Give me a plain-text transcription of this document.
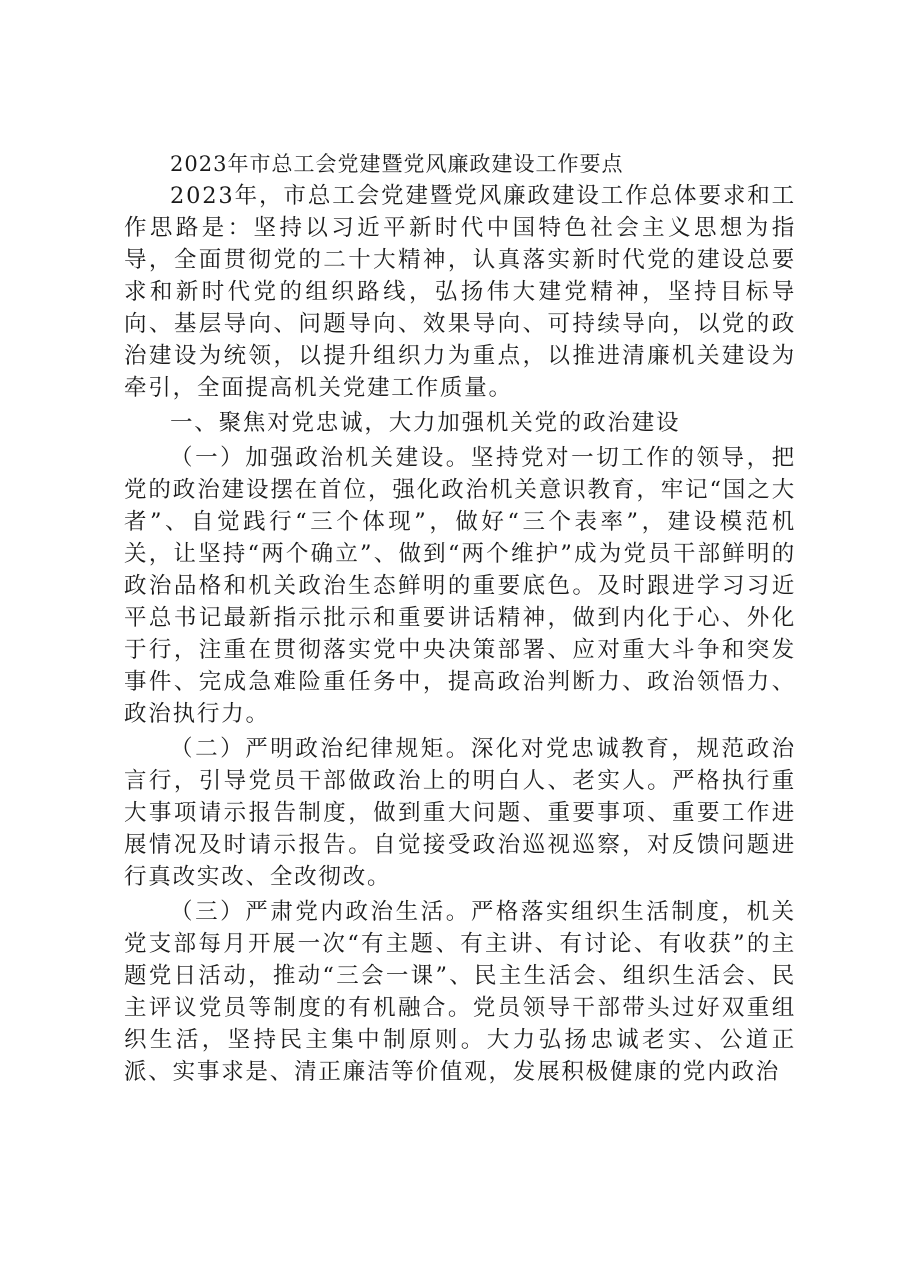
2023年市总工会党建暨党风廉政建设工作要点

2023年，市总工会党建暨党风廉政建设工作总体要求和工作思路是：坚持以习近平新时代中国特色社会主义思想为指导，全面贯彻党的二十大精神，认真落实新时代党的建设总要求和新时代党的组织路线，弘扬伟大建党精神，坚持目标导向、基层导向、问题导向、效果导向、可持续导向，以党的政治建设为统领，以提升组织力为重点，以推进清廉机关建设为牵引，全面提高机关党建工作质量。

一、聚焦对党忠诚，大力加强机关党的政治建设

（一）加强政治机关建设。坚持党对一切工作的领导，把党的政治建设摆在首位，强化政治机关意识教育，牢记“国之大者”、自觉践行“三个体现”，做好“三个表率”，建设模范机关，让坚持“两个确立”、做到“两个维护”成为党员干部鲜明的政治品格和机关政治生态鲜明的重要底色。及时跟进学习习近平总书记最新指示批示和重要讲话精神，做到内化于心、外化于行，注重在贯彻落实党中央决策部署、应对重大斗争和突发事件、完成急难险重任务中，提高政治判断力、政治领悟力、政治执行力。

（二）严明政治纪律规矩。深化对党忠诚教育，规范政治言行，引导党员干部做政治上的明白人、老实人。严格执行重大事项请示报告制度，做到重大问题、重要事项、重要工作进展情况及时请示报告。自觉接受政治巡视巡察，对反馈问题进行真改实改、全改彻改。

（三）严肃党内政治生活。严格落实组织生活制度，机关党支部每月开展一次“有主题、有主讲、有讨论、有收获”的主题党日活动，推动“三会一课”、民主生活会、组织生活会、民主评议党员等制度的有机融合。党员领导干部带头过好双重组织生活，坚持民主集中制原则。大力弘扬忠诚老实、公道正派、实事求是、清正廉洁等价值观，发展积极健康的党内政治
